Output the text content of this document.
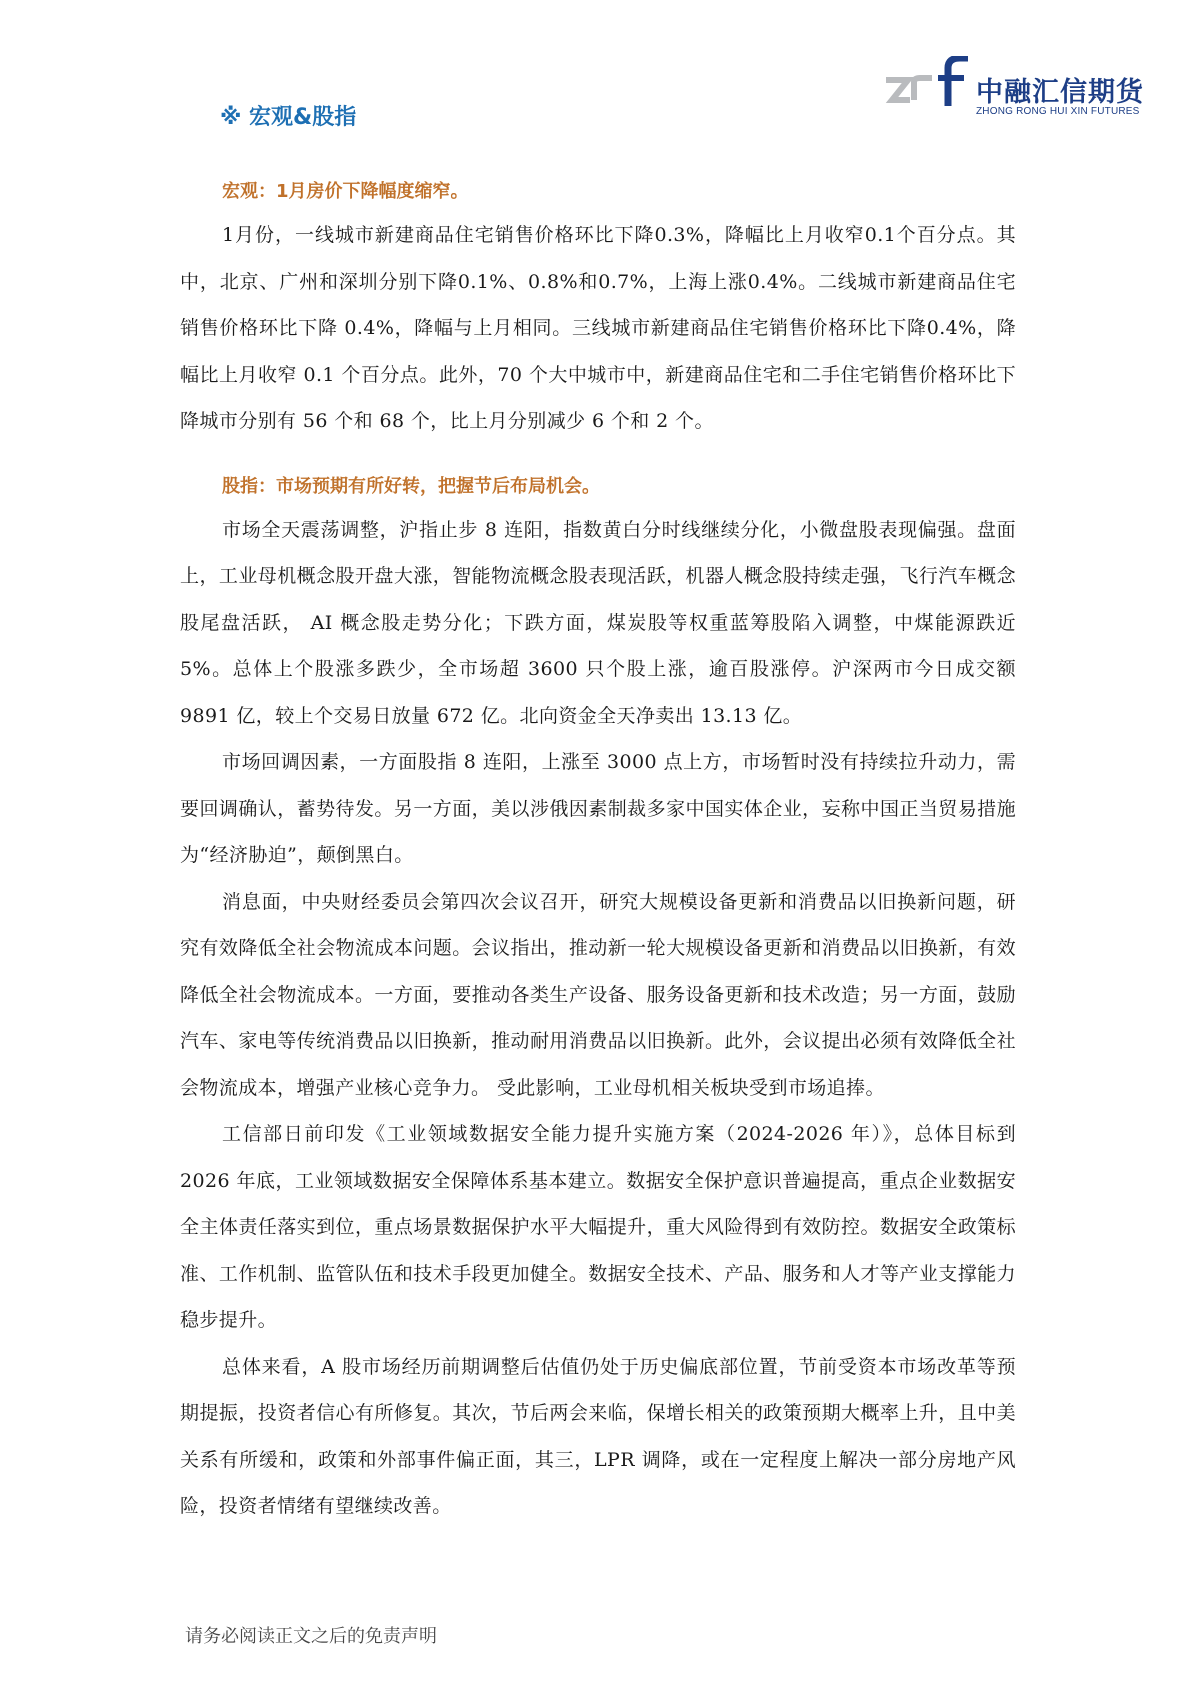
中融汇信期货
ZHONG RONG HUI XIN FUTURES
※ 宏观&股指
宏观：1月房价下降幅度缩窄。

1月份，一线城市新建商品住宅销售价格环比下降0.3%，降幅比上月收窄0.1个百分点。其中，北京、广州和深圳分别下降0.1%、0.8%和0.7%，上海上涨0.4%。二线城市新建商品住宅销售价格环比下降 0.4%，降幅与上月相同。三线城市新建商品住宅销售价格环比下降0.4%，降幅比上月收窄 0.1 个百分点。此外，70 个大中城市中，新建商品住宅和二手住宅销售价格环比下降城市分别有 56 个和 68 个，比上月分别减少 6 个和 2 个。

股指：市场预期有所好转，把握节后布局机会。

市场全天震荡调整，沪指止步 8 连阳，指数黄白分时线继续分化，小微盘股表现偏强。盘面上，工业母机概念股开盘大涨，智能物流概念股表现活跃，机器人概念股持续走强，飞行汽车概念股尾盘活跃， AI 概念股走势分化；下跌方面，煤炭股等权重蓝筹股陷入调整，中煤能源跌近 5%。总体上个股涨多跌少，全市场超 3600 只个股上涨，逾百股涨停。沪深两市今日成交额 9891 亿，较上个交易日放量 672 亿。北向资金全天净卖出 13.13 亿。

市场回调因素，一方面股指 8 连阳，上涨至 3000 点上方，市场暂时没有持续拉升动力，需要回调确认，蓄势待发。另一方面，美以涉俄因素制裁多家中国实体企业，妄称中国正当贸易措施为“经济胁迫”，颠倒黑白。

消息面，中央财经委员会第四次会议召开，研究大规模设备更新和消费品以旧换新问题，研究有效降低全社会物流成本问题。会议指出，推动新一轮大规模设备更新和消费品以旧换新，有效降低全社会物流成本。一方面，要推动各类生产设备、服务设备更新和技术改造；另一方面，鼓励汽车、家电等传统消费品以旧换新，推动耐用消费品以旧换新。此外，会议提出必须有效降低全社会物流成本，增强产业核心竞争力。 受此影响，工业母机相关板块受到市场追捧。

工信部日前印发《工业领域数据安全能力提升实施方案（2024-2026 年）》，总体目标到2026 年底，工业领域数据安全保障体系基本建立。数据安全保护意识普遍提高，重点企业数据安全主体责任落实到位，重点场景数据保护水平大幅提升，重大风险得到有效防控。数据安全政策标准、工作机制、监管队伍和技术手段更加健全。数据安全技术、产品、服务和人才等产业支撑能力稳步提升。

总体来看，A 股市场经历前期调整后估值仍处于历史偏底部位置，节前受资本市场改革等预期提振，投资者信心有所修复。其次，节后两会来临，保增长相关的政策预期大概率上升，且中美关系有所缓和，政策和外部事件偏正面，其三，LPR 调降，或在一定程度上解决一部分房地产风险，投资者情绪有望继续改善。

请务必阅读正文之后的免责声明
